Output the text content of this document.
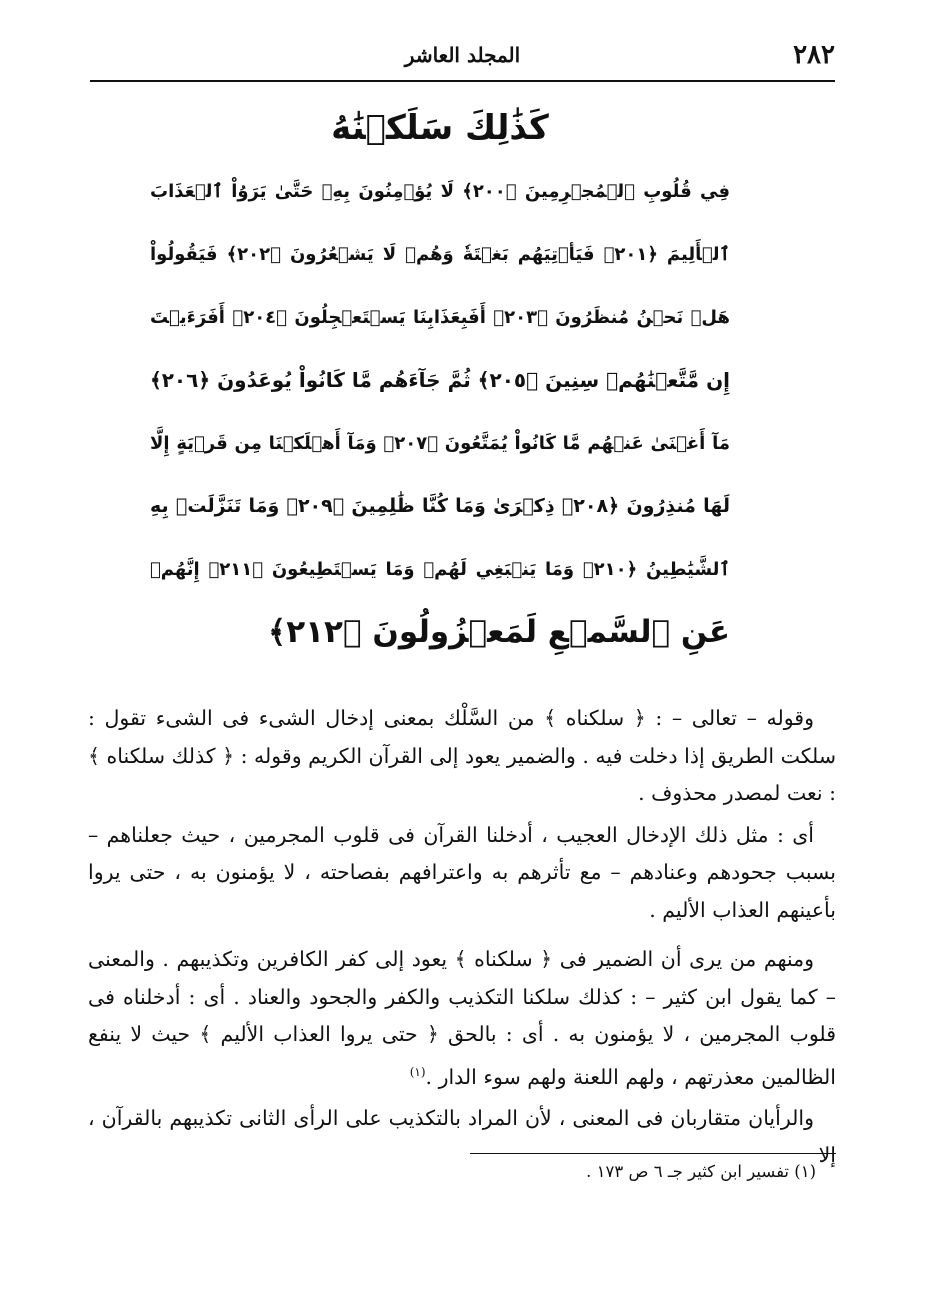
٢٨٢
المجلد العاشر
كَذَٰلِكَ سَلَكۡنَٰهُ
فِي قُلُوبِ ٱلۡمُجۡرِمِينَ ﴿٢٠٠﴾ لَا يُؤۡمِنُونَ بِهِۦ حَتَّىٰ يَرَوُاْ ٱلۡعَذَابَ
ٱلۡأَلِيمَ ﴿٢٠١﴾ فَيَأۡتِيَهُم بَغۡتَةٗ وَهُمۡ لَا يَشۡعُرُونَ ﴿٢٠٢﴾ فَيَقُولُواْ
هَلۡ نَحۡنُ مُنظَرُونَ ﴿٢٠٣﴾ أَفَبِعَذَابِنَا يَسۡتَعۡجِلُونَ ﴿٢٠٤﴾ أَفَرَءَيۡتَ
إِن مَّتَّعۡنَٰهُمۡ سِنِينَ ﴿٢٠٥﴾ ثُمَّ جَآءَهُم مَّا كَانُواْ يُوعَدُونَ ﴿٢٠٦﴾
مَآ أَغۡنَىٰ عَنۡهُم مَّا كَانُواْ يُمَتَّعُونَ ﴿٢٠٧﴾ وَمَآ أَهۡلَكۡنَا مِن قَرۡيَةٍ إِلَّا
لَهَا مُنذِرُونَ ﴿٢٠٨﴾ ذِكۡرَىٰ وَمَا كُنَّا ظَٰلِمِينَ ﴿٢٠٩﴾ وَمَا تَنَزَّلَتۡ بِهِ
ٱلشَّيَٰطِينُ ﴿٢١٠﴾ وَمَا يَنۢبَغِي لَهُمۡ وَمَا يَسۡتَطِيعُونَ ﴿٢١١﴾ إِنَّهُمۡ
عَنِ ٱلسَّمۡعِ لَمَعۡزُولُونَ ﴿٢١٢﴾

وقوله – تعالى – : ﴿ سلكناه ﴾ من السَّلْك بمعنى إدخال الشىء فى الشىء تقول : سلكت الطريق إذا دخلت فيه . والضمير يعود إلى القرآن الكريم وقوله : ﴿ كذلك سلكناه ﴾ : نعت لمصدر محذوف .

أى : مثل ذلك الإدخال العجيب ، أدخلنا القرآن فى قلوب المجرمين ، حيث جعلناهم – بسبب جحودهم وعنادهم – مع تأثرهم به واعترافهم بفصاحته ، لا يؤمنون به ، حتى يروا بأعينهم العذاب الأليم .

ومنهم من يرى أن الضمير فى ﴿ سلكناه ﴾ يعود إلى كفر الكافرين وتكذيبهم . والمعنى – كما يقول ابن كثير – : كذلك سلكنا التكذيب والكفر والجحود والعناد . أى : أدخلناه فى قلوب المجرمين ، لا يؤمنون به . أى : بالحق ﴿ حتى يروا العذاب الأليم ﴾ حيث لا ينفع الظالمين معذرتهم ، ولهم اللعنة ولهم سوء الدار .$^{(١)}$

والرأيان متقاربان فى المعنى ، لأن المراد بالتكذيب على الرأى الثانى تكذيبهم بالقرآن ، إلا

(١) تفسير ابن كثير جـ ٦ ص ١٧٣ .
